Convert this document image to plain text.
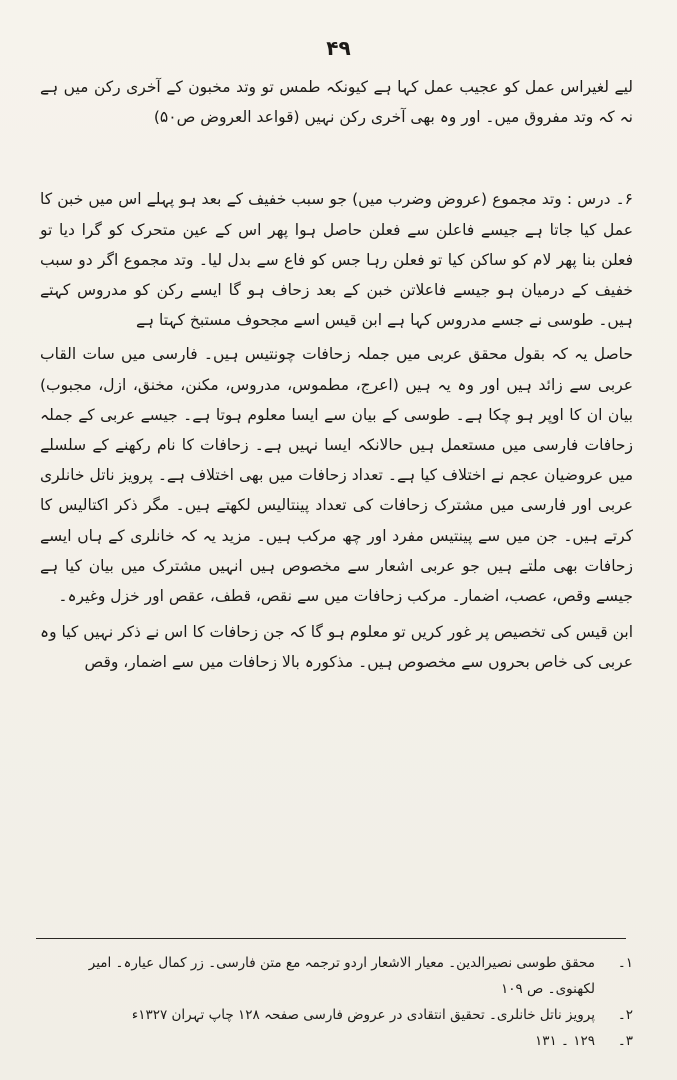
۴۹

لیے لغیراس عمل کو عجیب عمل کہا ہے کیونکہ طمس تو وتد مخبون کے آخری رکن میں ہے نہ کہ وتد مفروق میں۔ اور وہ بھی آخری رکن نہیں (قواعد العروض ص۵۰)

۶۔ درس : وتد مجموع (عروض وضرب میں) جو سبب خفیف کے بعد ہو پہلے اس میں خبن کا عمل کیا جاتا ہے جیسے فاعلن سے فعلن حاصل ہوا پھر اس کے عین متحرک کو گرا دیا تو فعلن بنا پھر لام کو ساکن کیا تو فعلن رہا جس کو فاع سے بدل لیا۔ وتد مجموع اگر دو سبب خفیف کے درمیان ہو جیسے فاعلاتن خبن کے بعد زحاف ہو گا ایسے رکن کو مدروس کہتے ہیں۔ طوسی نے جسے مدروس کہا ہے ابن قیس اسے مجحوف مستبخ کہتا ہے

حاصل یہ کہ بقول محقق عربی میں جملہ زحافات چونتیس ہیں۔ فارسی میں سات القاب عربی سے زائد ہیں اور وہ یہ ہیں (اعرج، مطموس، مدروس، مکنن، مخنق، ازل، مجبوب) بیان ان کا اوپر ہو چکا ہے۔ طوسی کے بیان سے ایسا معلوم ہوتا ہے۔ جیسے عربی کے جملہ زحافات فارسی میں مستعمل ہیں حالانکہ ایسا نہیں ہے۔ زحافات کا نام رکھنے کے سلسلے میں عروضیان عجم نے اختلاف کیا ہے۔ تعداد زحافات میں بھی اختلاف ہے۔ پرویز ناتل خانلری عربی اور فارسی میں مشترک زحافات کی تعداد پینتالیس لکھتے ہیں۔ مگر ذکر اکتالیس کا کرتے ہیں۔ جن میں سے پینتیس مفرد اور چھ مرکب ہیں۔ مزید یہ کہ خانلری کے ہاں ایسے زحافات بھی ملتے ہیں جو عربی اشعار سے مخصوص ہیں انہیں مشترک میں بیان کیا ہے جیسے وقص، عصب، اضمار۔ مرکب زحافات میں سے نقص، قطف، عقص اور خزل وغیرہ۔

ابن قیس کی تخصیص پر غور کریں تو معلوم ہو گا کہ جن زحافات کا اس نے ذکر نہیں کیا وہ عربی کی خاص بحروں سے مخصوص ہیں۔ مذکورہ بالا زحافات میں سے اضمار، وقص

۱۔
محقق طوسی نصیرالدین۔ معیار الاشعار اردو ترجمہ مع متن فارسی۔ زر کمال عیارہ۔ امیر لکھنوی۔ ص ۱۰۹
۲۔
پرویز ناتل خانلری۔ تحقیق انتقادی در عروض فارسی صفحہ ۱۲۸ چاپ تہران ۱۳۲۷ء
۳۔
۱۲۹ ۔ ۱۳۱
